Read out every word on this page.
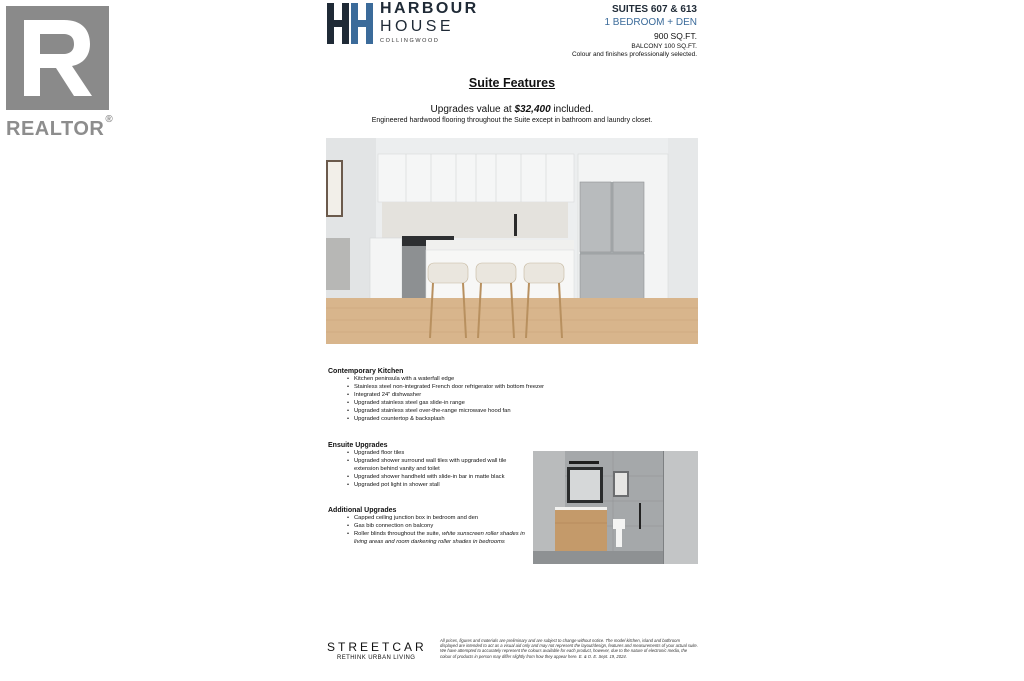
REALTOR®
HARBOUR
HOUSE
COLLINGWOOD
SUITES 607 & 613
1 BEDROOM + DEN
900 SQ.FT.
BALCONY 100 SQ.FT.
Colour and finishes professionally selected.
Suite Features
Upgrades value at $32,400 included.
Engineered hardwood flooring throughout the Suite except in bathroom and laundry closet.
Contemporary Kitchen
• Kitchen peninsula with a waterfall edge
• Stainless steel non-integrated French door refrigerator with bottom freezer
• Integrated 24" dishwasher
• Upgraded stainless steel gas slide-in range
• Upgraded stainless steel over-the-range microwave hood fan
• Upgraded countertop & backsplash
Ensuite Upgrades
• Upgraded floor tiles
• Upgraded shower surround wall tiles with upgraded wall tile extension behind vanity and toilet
• Upgraded shower handheld with slide-in bar in matte black
• Upgraded pot light in shower stall
Additional Upgrades
• Capped ceiling junction box in bedroom and den
• Gas bib connection on balcony
• Roller blinds throughout the suite, white sunscreen roller shades in living areas and room darkening roller shades in bedrooms
STREETCAR
RETHINK URBAN LIVING
All prices, figures and materials are preliminary and are subject to change without notice. The model kitchen, island and bathroom displayed are intended to act as a visual aid only and may not represent the layout/design, features and measurements of your actual suite. We have attempted to accurately represent the colours available for each product, however, due to the nature of electronic media, the colour of products in person may differ slightly from how they appear here. E. & O. E. Sept. 19, 2024.
